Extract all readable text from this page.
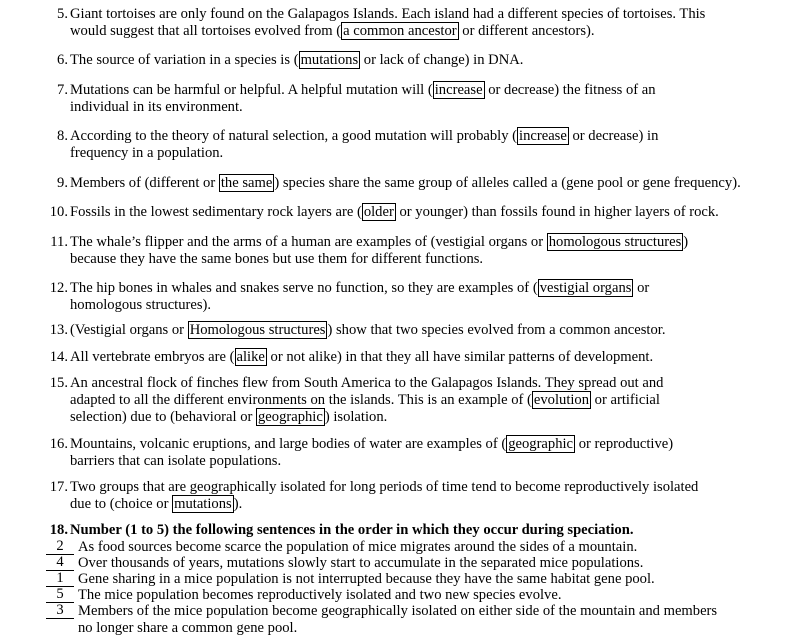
5. Giant tortoises are only found on the Galapagos Islands. Each island had a different species of tortoises. This would suggest that all tortoises evolved from ( a common ancestor or different ancestors).
6. The source of variation in a species is ( mutations or lack of change) in DNA.
7. Mutations can be harmful or helpful. A helpful mutation will ( increase or decrease) the fitness of an individual in its environment.
8. According to the theory of natural selection, a good mutation will probably ( increase or decrease) in frequency in a population.
9. Members of (different or the same ) species share the same group of alleles called a (gene pool or gene frequency).
10. Fossils in the lowest sedimentary rock layers are ( older or younger) than fossils found in higher layers of rock.
11. The whale’s flipper and the arms of a human are examples of (vestigial organs or homologous structures ) because they have the same bones but use them for different functions.
12. The hip bones in whales and snakes serve no function, so they are examples of ( vestigial organs or homologous structures).
13. (Vestigial organs or Homologous structures ) show that two species evolved from a common ancestor.
14. All vertebrate embryos are ( alike or not alike) in that they all have similar patterns of development.
15. An ancestral flock of finches flew from South America to the Galapagos Islands. They spread out and adapted to all the different environments on the islands. This is an example of ( evolution or artificial selection) due to (behavioral or geographic ) isolation.
16. Mountains, volcanic eruptions, and large bodies of water are examples of ( geographic or reproductive) barriers that can isolate populations.
17. Two groups that are geographically isolated for long periods of time tend to become reproductively isolated due to (choice or mutations ).
18. Number (1 to 5) the following sentences in the order in which they occur during speciation.
2 As food sources become scarce the population of mice migrates around the sides of a mountain.
4 Over thousands of years, mutations slowly start to accumulate in the separated mice populations.
1 Gene sharing in a mice population is not interrupted because they have the same habitat gene pool.
5 The mice population becomes reproductively isolated and two new species evolve.
3 Members of the mice population become geographically isolated on either side of the mountain and members no longer share a common gene pool.
